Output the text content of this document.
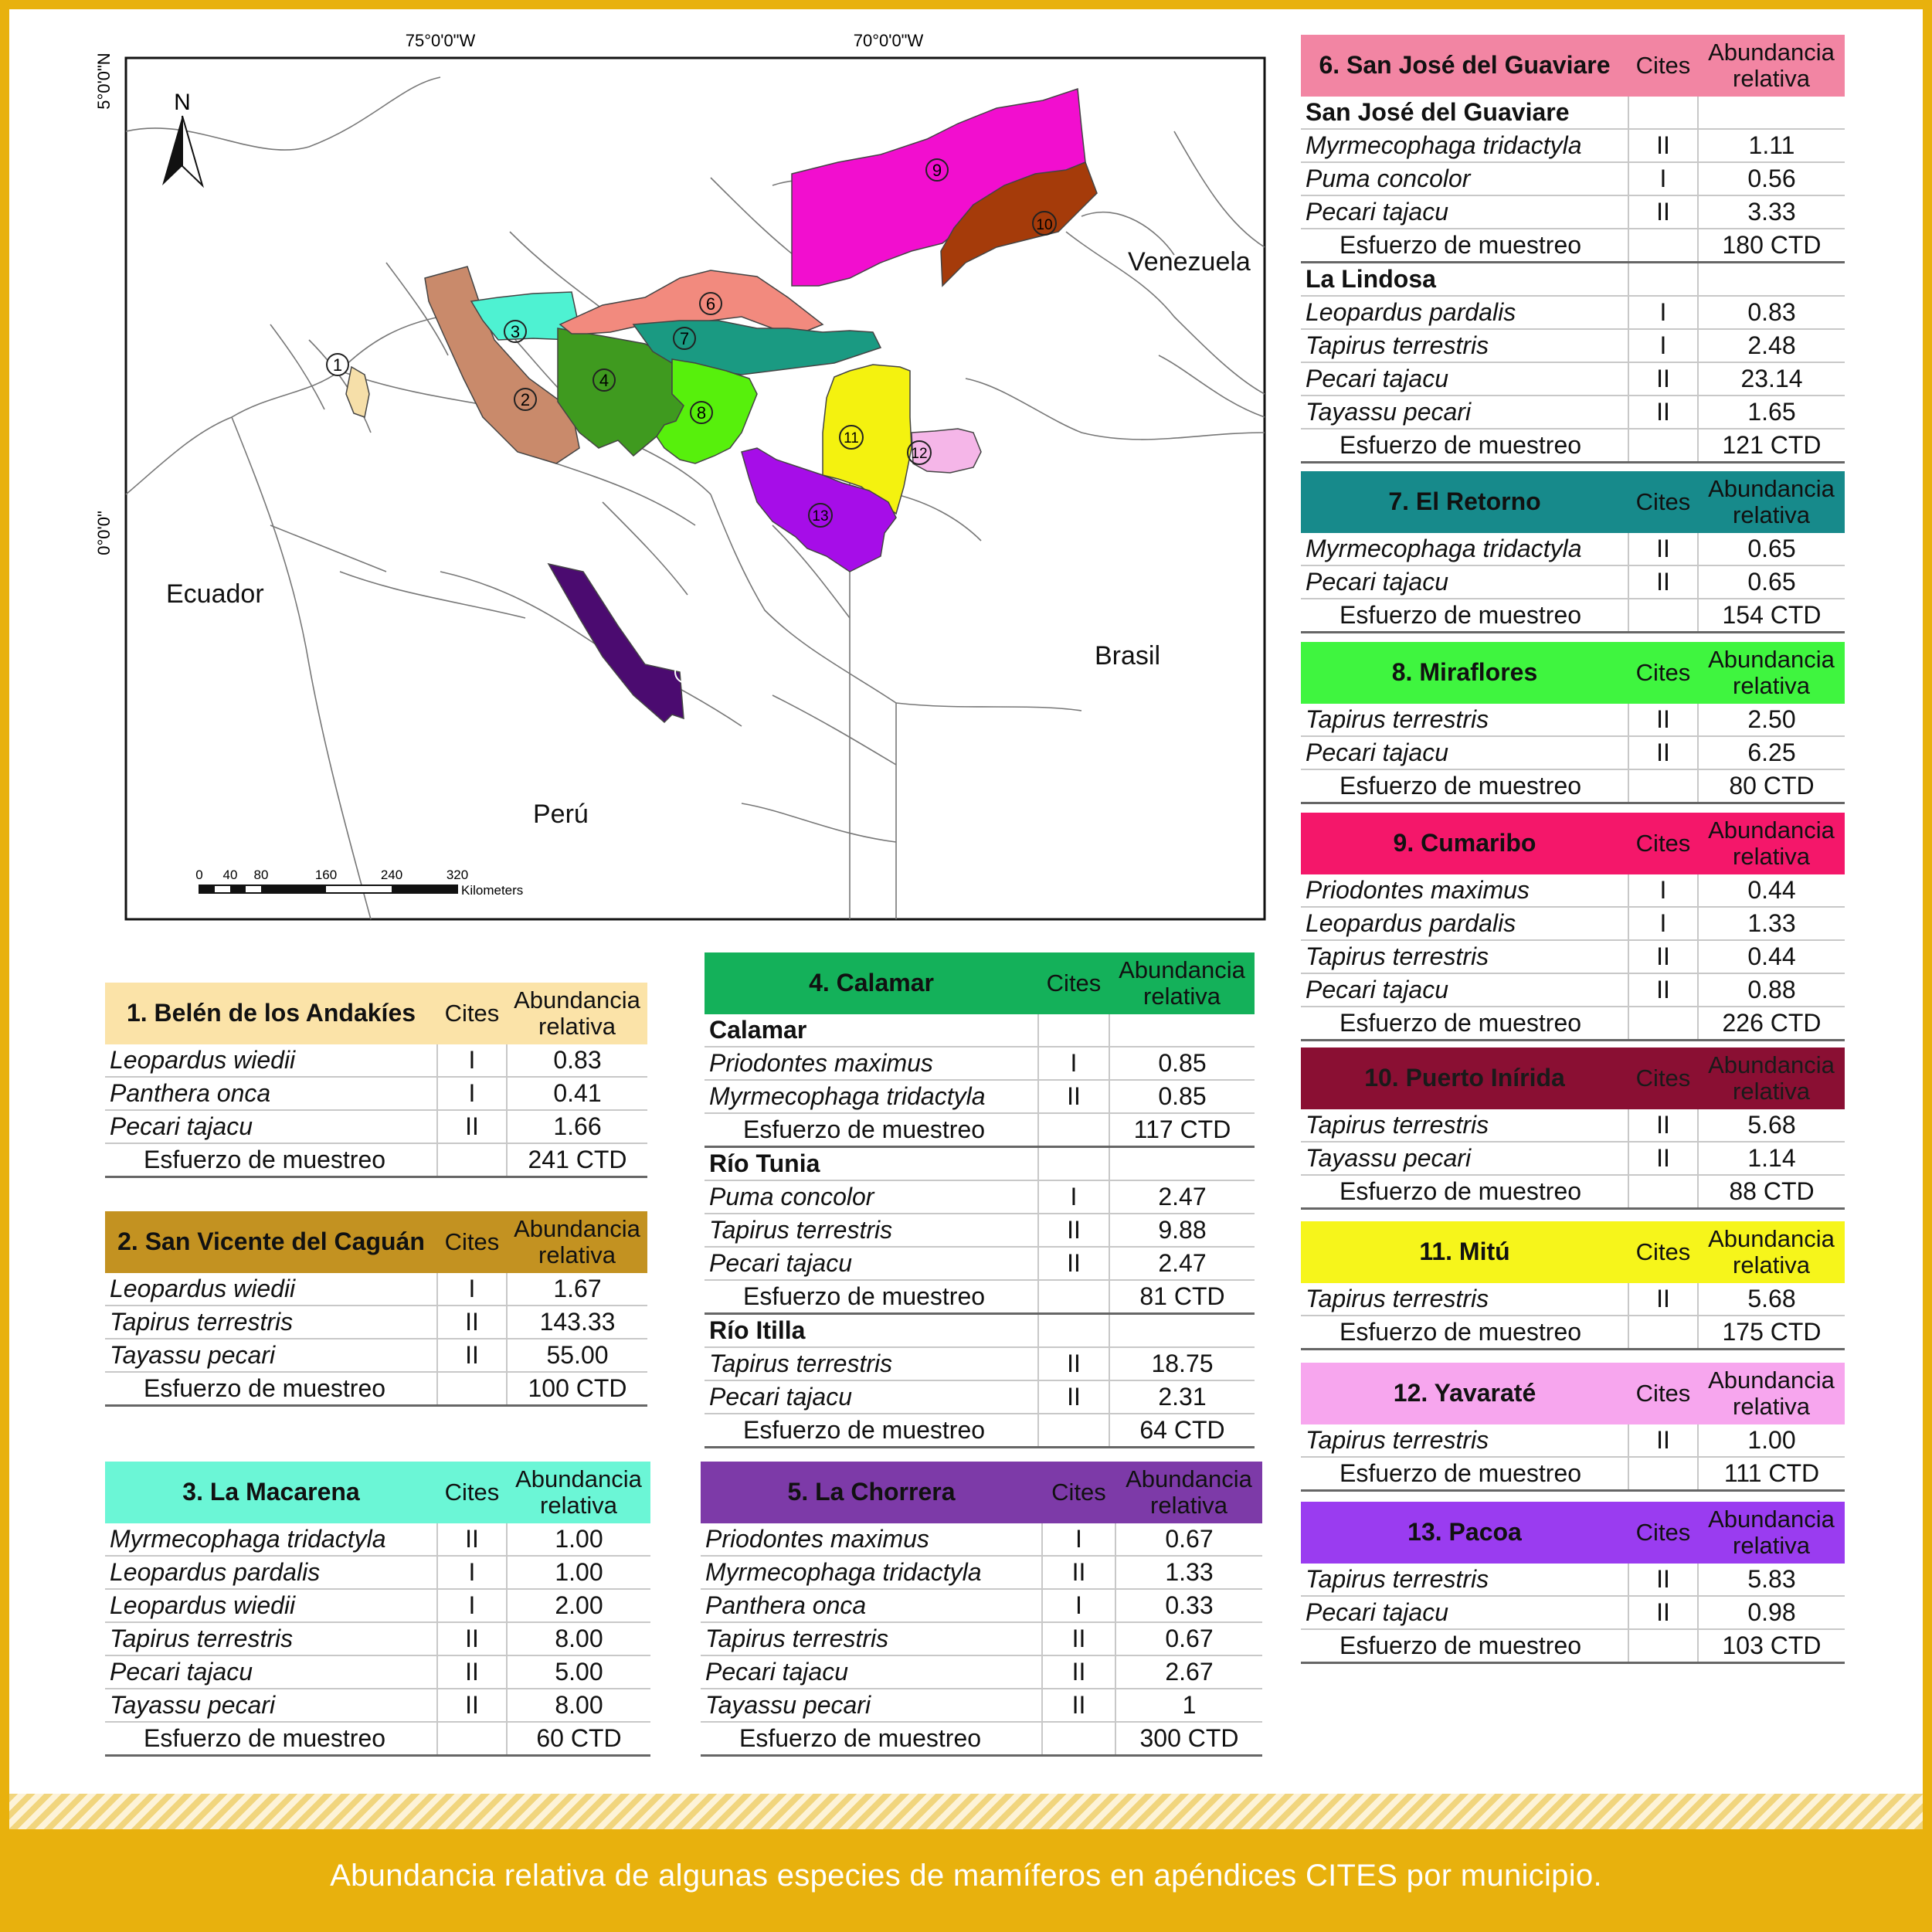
Abundancia relativa de algunas especies de mamíferos en apéndices CITES por municipio.
75°0'0"W	70°0'0"W
5°0'0"N
0°0'0"
1
2
3
4
5
6
7
8
9
10
11
12
13
Venezuela
Ecuador
Brasil
Perú
N
0 40 80	160	240	320
Kilometers
1. Belén de los Andakíes	Cites	Abundancia
relativa

Leopardus wiedii	I	0.83
Panthera onca	I	0.41
Pecari tajacu	II	1.66
Esfuerzo de muestreo		241 CTD
2. San Vicente del Caguán	Cites	Abundancia
relativa

Leopardus wiedii	I	1.67
Tapirus terrestris	II	143.33
Tayassu pecari	II	55.00
Esfuerzo de muestreo		100 CTD
3. La Macarena	Cites	Abundancia
relativa

Myrmecophaga tridactyla	II	1.00
Leopardus pardalis	I	1.00
Leopardus wiedii	I	2.00
Tapirus terrestris	II	8.00
Pecari tajacu	II	5.00
Tayassu pecari	II	8.00
Esfuerzo de muestreo		60 CTD
4. Calamar	Cites	Abundancia
relativa

Calamar		
Priodontes maximus	I	0.85
Myrmecophaga tridactyla	II	0.85
Esfuerzo de muestreo		117 CTD
Río Tunia		
Puma concolor	I	2.47
Tapirus terrestris	II	9.88
Pecari tajacu	II	2.47
Esfuerzo de muestreo		81 CTD
Río Itilla		
Tapirus terrestris	II	18.75
Pecari tajacu	II	2.31
Esfuerzo de muestreo		64 CTD
5. La Chorrera	Cites	Abundancia
relativa

Priodontes maximus	I	0.67
Myrmecophaga tridactyla	II	1.33
Panthera onca	I	0.33
Tapirus terrestris	II	0.67
Pecari tajacu	II	2.67
Tayassu pecari	II	1
Esfuerzo de muestreo		300 CTD
6. San José del Guaviare	Cites	Abundancia
relativa

San José del Guaviare		
Myrmecophaga tridactyla	II	1.11
Puma concolor	I	0.56
Pecari tajacu	II	3.33
Esfuerzo de muestreo		180 CTD
La Lindosa		
Leopardus pardalis	I	0.83
Tapirus terrestris	I	2.48
Pecari tajacu	II	23.14
Tayassu pecari	II	1.65
Esfuerzo de muestreo		121 CTD
7. El Retorno	Cites	Abundancia
relativa

Myrmecophaga tridactyla	II	0.65
Pecari tajacu	II	0.65
Esfuerzo de muestreo		154 CTD
8. Miraflores	Cites	Abundancia
relativa

Tapirus terrestris	II	2.50
Pecari tajacu	II	6.25
Esfuerzo de muestreo		80 CTD
9. Cumaribo	Cites	Abundancia
relativa

Priodontes maximus	I	0.44
Leopardus pardalis	I	1.33
Tapirus terrestris	II	0.44
Pecari tajacu	II	0.88
Esfuerzo de muestreo		226 CTD
10. Puerto Inírida	Cites	Abundancia
relativa

Tapirus terrestris	II	5.68
Tayassu pecari	II	1.14
Esfuerzo de muestreo		88 CTD
11. Mitú	Cites	Abundancia
relativa

Tapirus terrestris	II	5.68
Esfuerzo de muestreo		175 CTD
12. Yavaraté	Cites	Abundancia
relativa

Tapirus terrestris	II	1.00
Esfuerzo de muestreo		111 CTD
13. Pacoa	Cites	Abundancia
relativa

Tapirus terrestris	II	5.83
Pecari tajacu	II	0.98
Esfuerzo de muestreo		103 CTD
